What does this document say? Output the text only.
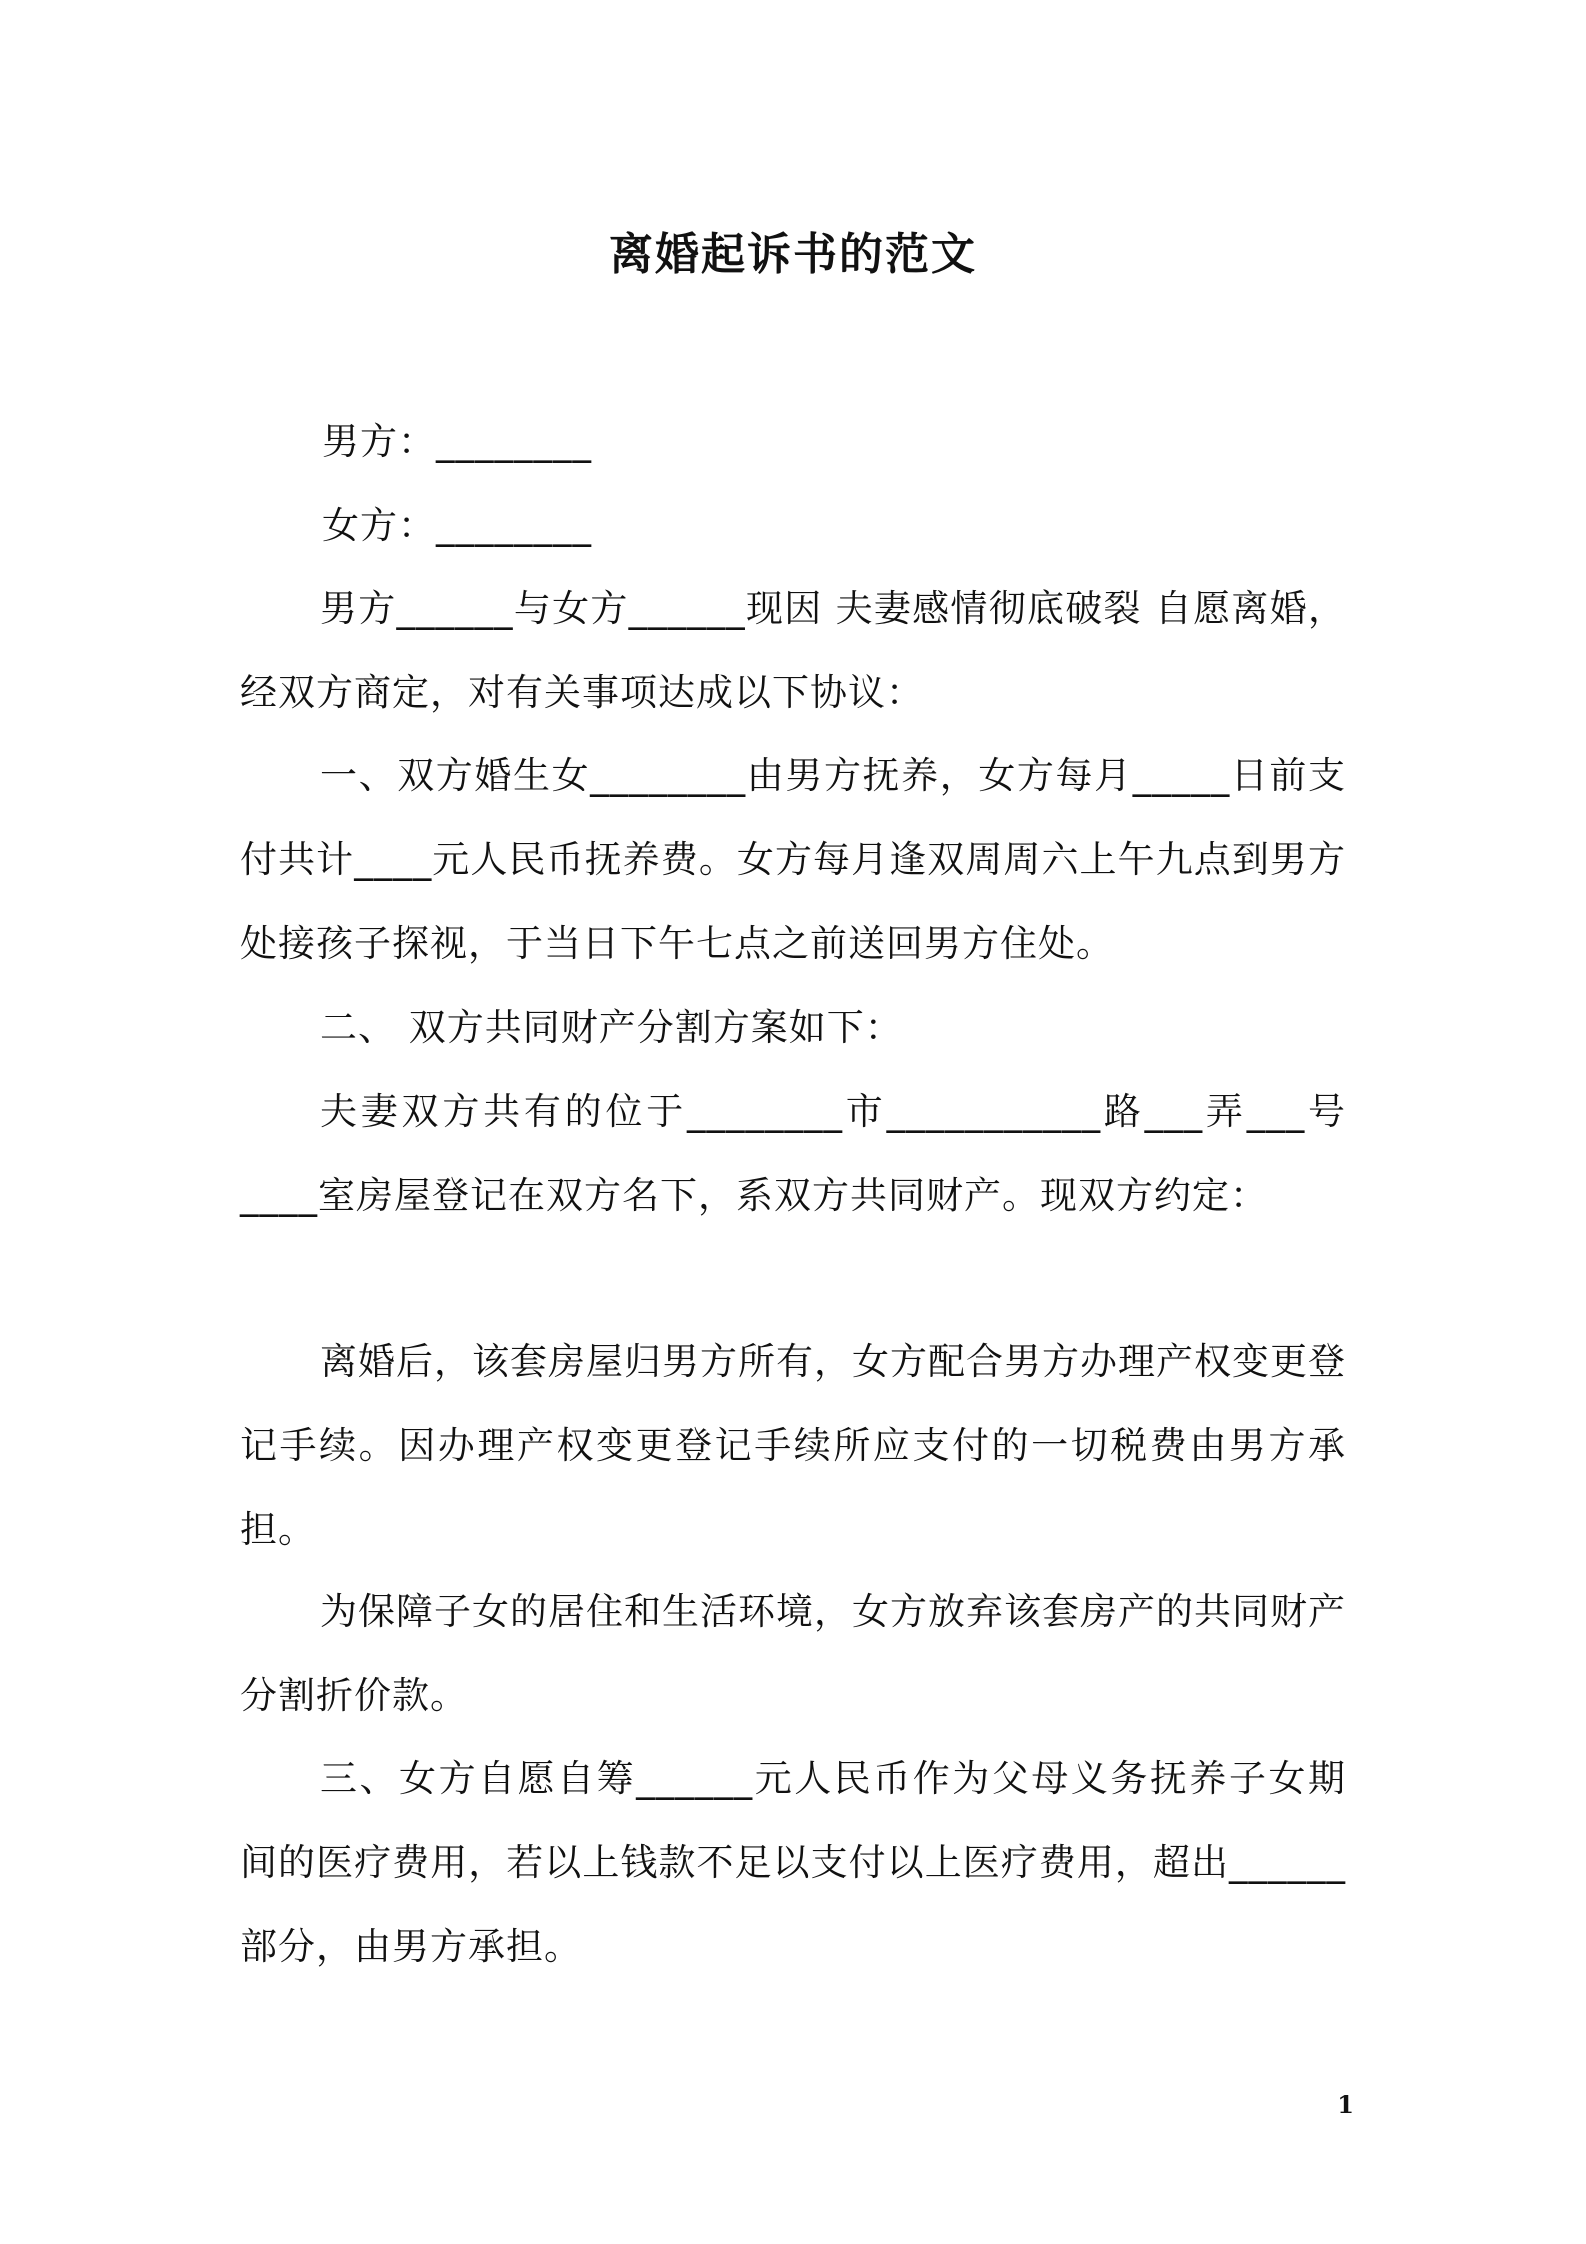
离婚起诉书的范文
男方：________
女方：________

男方______与女方______现因 夫妻感情彻底破裂 自愿离婚，经双方商定，对有关事项达成以下协议：

一、双方婚生女________由男方抚养，女方每月_____日前支付共计____元人民币抚养费。女方每月逢双周周六上午九点到男方处接孩子探视，于当日下午七点之前送回男方住处。

二、 双方共同财产分割方案如下：

夫妻双方共有的位于________市___________路___弄___号____室房屋登记在双方名下，系双方共同财产。现双方约定：

离婚后，该套房屋归男方所有，女方配合男方办理产权变更登记手续。因办理产权变更登记手续所应支付的一切税费由男方承担。

为保障子女的居住和生活环境，女方放弃该套房产的共同财产分割折价款。

三、女方自愿自筹______元人民币作为父母义务抚养子女期间的医疗费用，若以上钱款不足以支付以上医疗费用，超出______部分，由男方承担。

1
